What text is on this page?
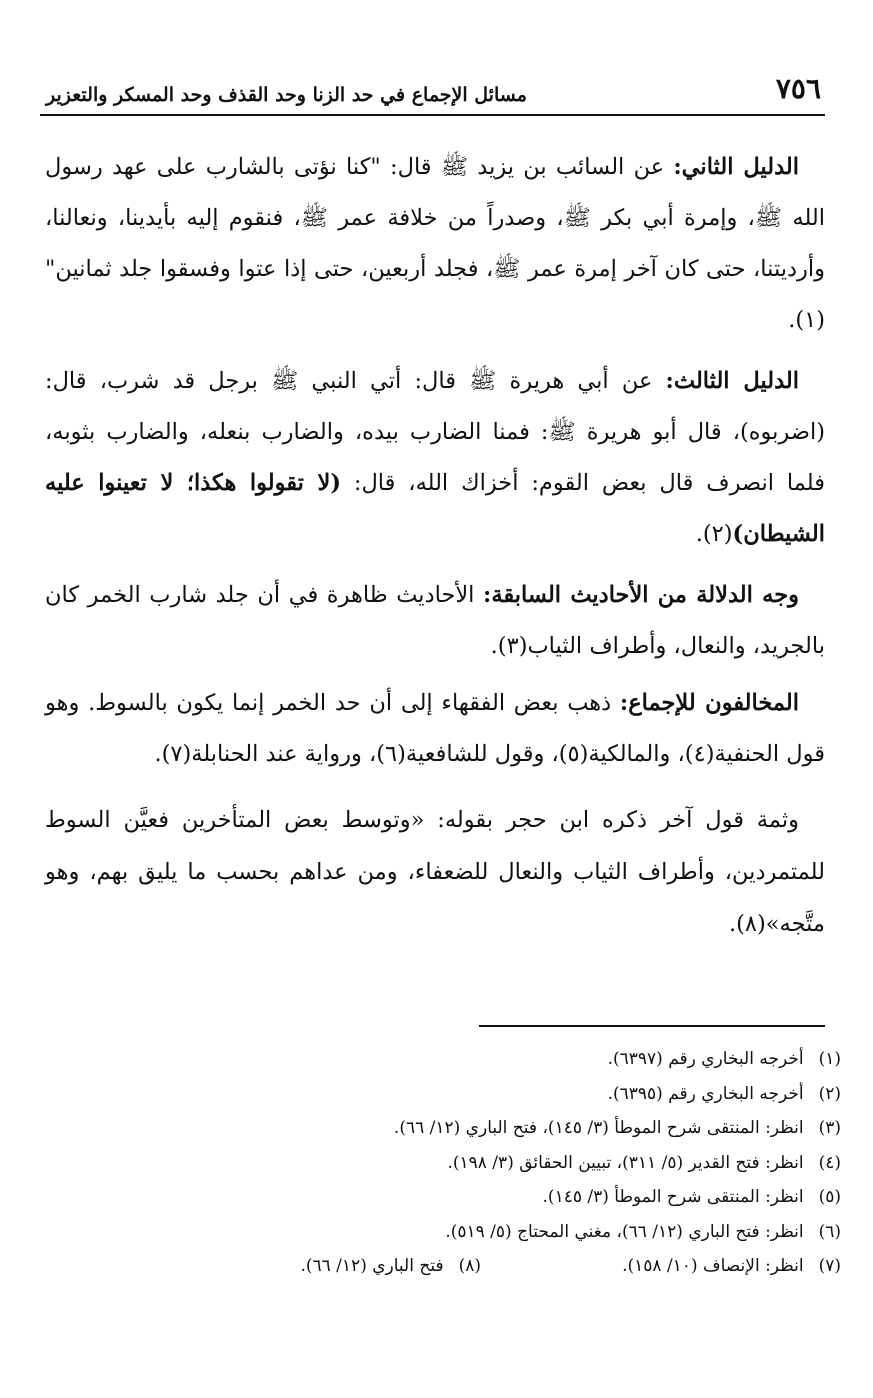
٧٥٦
مسائل الإجماع في حد الزنا وحد القذف وحد المسكر والتعزير

الدليل الثاني: عن السائب بن يزيد ﷺ قال: "كنا نؤتى بالشارب على عهد رسول الله ﷺ، وإمرة أبي بكر ﷺ، وصدراً من خلافة عمر ﷺ، فنقوم إليه بأيدينا، ونعالنا، وأرديتنا، حتى كان آخر إمرة عمر ﷺ، فجلد أربعين، حتى إذا عتوا وفسقوا جلد ثمانين"(١).

الدليل الثالث: عن أبي هريرة ﷺ قال: أتي النبي ﷺ برجل قد شرب، قال: (اضربوه)، قال أبو هريرة ﷺ: فمنا الضارب بيده، والضارب بنعله، والضارب بثوبه، فلما انصرف قال بعض القوم: أخزاك الله، قال: (لا تقولوا هكذا؛ لا تعينوا عليه الشيطان)(٢).

وجه الدلالة من الأحاديث السابقة: الأحاديث ظاهرة في أن جلد شارب الخمر كان بالجريد، والنعال، وأطراف الثياب(٣).

المخالفون للإجماع: ذهب بعض الفقهاء إلى أن حد الخمر إنما يكون بالسوط. وهو قول الحنفية(٤)، والمالكية(٥)، وقول للشافعية(٦)، ورواية عند الحنابلة(٧).

وثمة قول آخر ذكره ابن حجر بقوله: «وتوسط بعض المتأخرين فعيَّن السوط للمتمردين، وأطراف الثياب والنعال للضعفاء، ومن عداهم بحسب ما يليق بهم، وهو متَّجه»(٨).

(١) أخرجه البخاري رقم (٦٣٩٧).

(٢) أخرجه البخاري رقم (٦٣٩٥).

(٣) انظر: المنتقى شرح الموطأ (٣/ ١٤٥)، فتح الباري (١٢/ ٦٦).

(٤) انظر: فتح القدير (٥/ ٣١١)، تبيين الحقائق (٣/ ١٩٨).

(٥) انظر: المنتقى شرح الموطأ (٣/ ١٤٥).

(٦) انظر: فتح الباري (١٢/ ٦٦)، مغني المحتاج (٥/ ٥١٩).

(٧) انظر: الإنصاف (١٠/ ١٥٨).
(٨) فتح الباري (١٢/ ٦٦).
